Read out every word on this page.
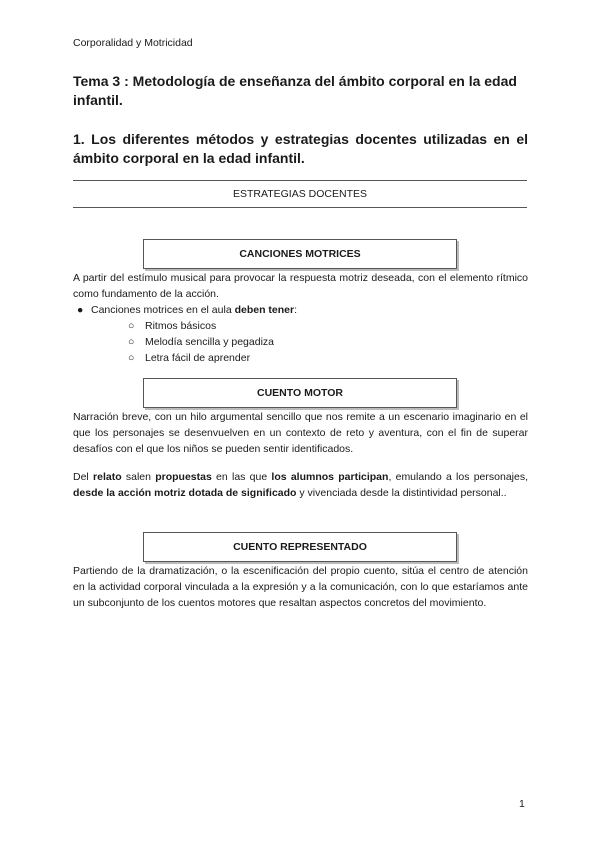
Corporalidad y Motricidad
Tema 3 : Metodología de enseñanza del ámbito corporal en la edad infantil.
1. Los diferentes métodos y estrategias docentes utilizadas en el ámbito corporal en la edad infantil.
ESTRATEGIAS DOCENTES
CANCIONES MOTRICES
A partir del estímulo musical para provocar la respuesta motriz deseada, con el elemento rítmico como fundamento de la acción.
● Canciones motrices en el aula deben tener:
○ Ritmos básicos
○ Melodía sencilla y pegadiza
○ Letra fácil de aprender
CUENTO MOTOR
Narración breve, con un hilo argumental sencillo que nos remite a un escenario imaginario en el que los personajes se desenvuelven en un contexto de reto y aventura, con el fin de superar desafíos con el que los niños se pueden sentir identificados.
Del relato salen propuestas en las que los alumnos participan, emulando a los personajes, desde la acción motriz dotada de significado y vivenciada desde la distintividad personal..
CUENTO REPRESENTADO
Partiendo de la dramatización, o la escenificación del propio cuento, sitúa el centro de atención en la actividad corporal vinculada a la expresión y a la comunicación, con lo que estaríamos ante un subconjunto de los cuentos motores que resaltan aspectos concretos del movimiento.
1
